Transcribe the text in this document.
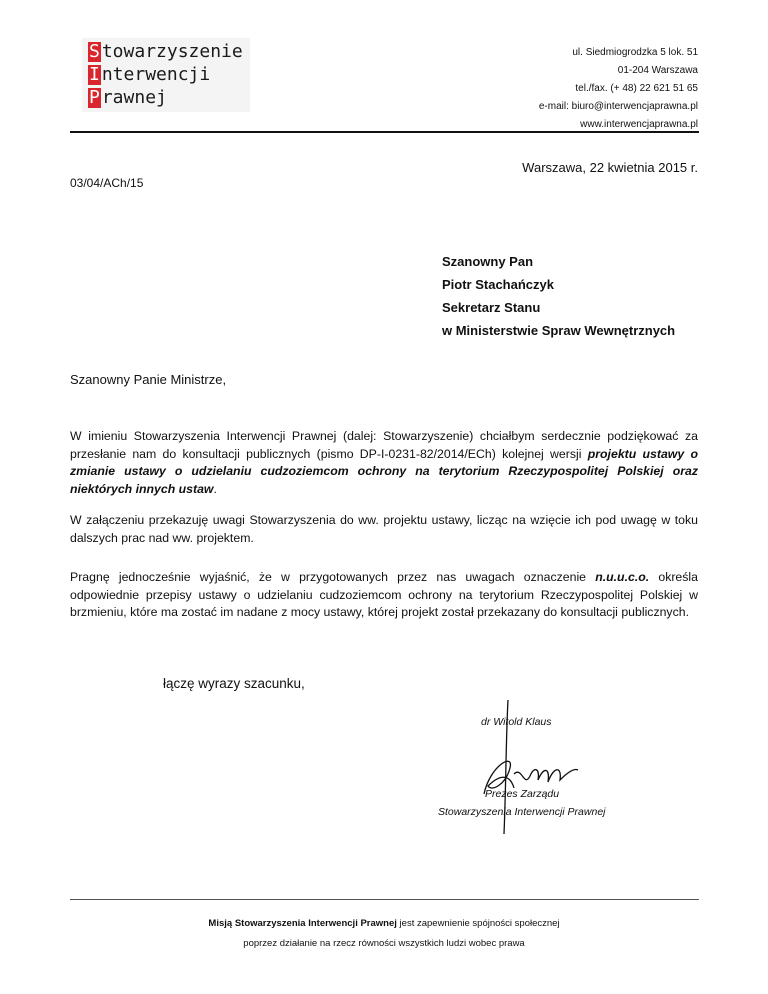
S towarzyszenie
I nterwencji
P rawnej
ul. Siedmiogrodzka 5 lok. 51
01-204 Warszawa
tel./fax. (+ 48) 22 621 51 65
e-mail: biuro@interwencjaprawna.pl
www.interwencjaprawna.pl
Warszawa, 22 kwietnia 2015 r.
03/04/ACh/15
Szanowny Pan
Piotr Stachańczyk
Sekretarz Stanu
w Ministerstwie Spraw Wewnętrznych
Szanowny Panie Ministrze,
W imieniu Stowarzyszenia Interwencji Prawnej (dalej: Stowarzyszenie) chciałbym serdecznie podziękować za przesłanie nam do konsultacji publicznych (pismo DP-I-0231-82/2014/ECh) kolejnej wersji projektu ustawy o zmianie ustawy o udzielaniu cudzoziemcom ochrony na terytorium Rzeczypospolitej Polskiej oraz niektórych innych ustaw.
W załączeniu przekazuję uwagi Stowarzyszenia do ww. projektu ustawy, licząc na wzięcie ich pod uwagę w toku dalszych prac nad ww. projektem.
Pragnę jednocześnie wyjaśnić, że w przygotowanych przez nas uwagach oznaczenie n.u.u.c.o. określa odpowiednie przepisy ustawy o udzielaniu cudzoziemcom ochrony na terytorium Rzeczypospolitej Polskiej w brzmieniu, które ma zostać im nadane z mocy ustawy, której projekt został przekazany do konsultacji publicznych.
łączę wyrazy szacunku,
dr Witold Klaus
Prezes Zarządu
Stowarzyszenia Interwencji Prawnej
Misją Stowarzyszenia Interwencji Prawnej jest zapewnienie spójności społecznej
poprzez działanie na rzecz równości wszystkich ludzi wobec prawa
